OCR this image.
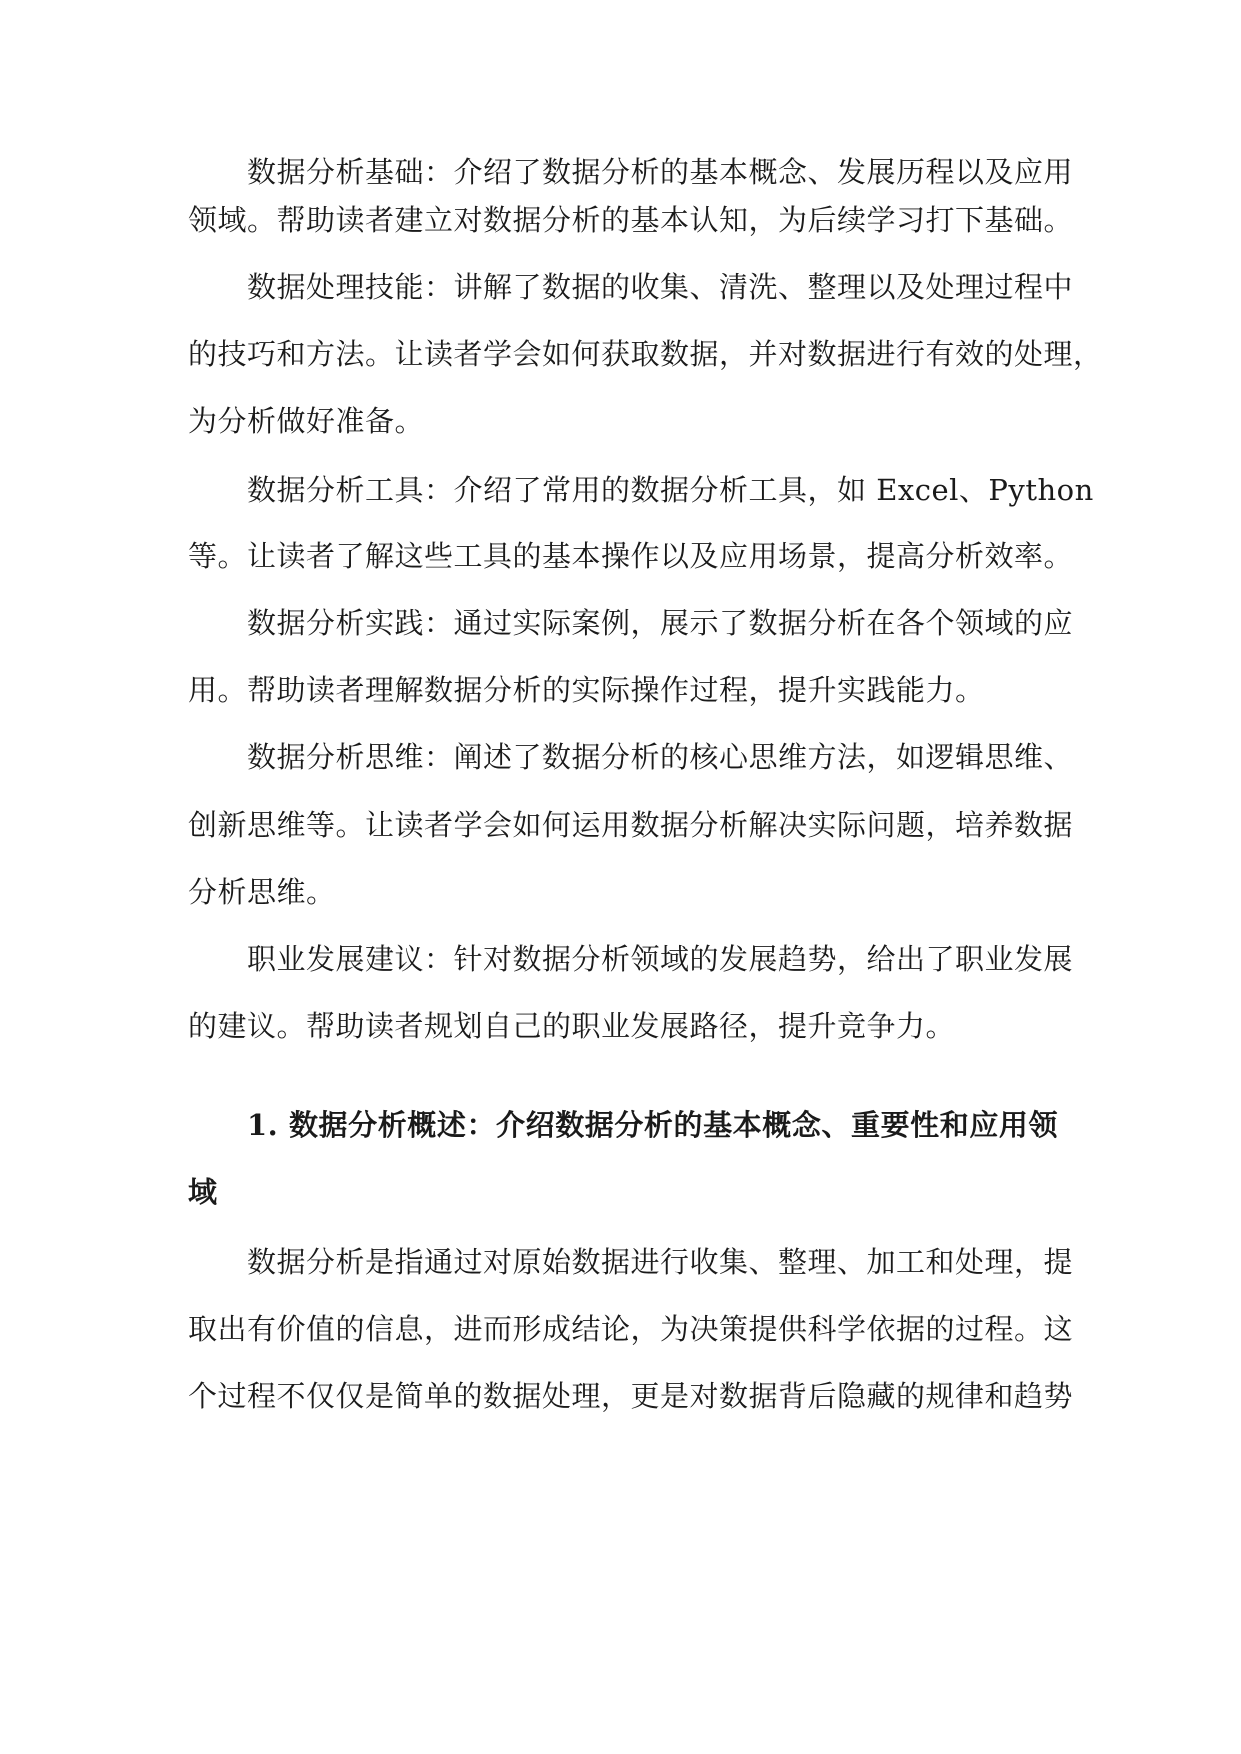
数据分析基础：介绍了数据分析的基本概念、发展历程以及应用
领域。帮助读者建立对数据分析的基本认知，为后续学习打下基础。
数据处理技能：讲解了数据的收集、清洗、整理以及处理过程中
的技巧和方法。让读者学会如何获取数据，并对数据进行有效的处理，
为分析做好准备。
数据分析工具：介绍了常用的数据分析工具，如 Excel、Python
等。让读者了解这些工具的基本操作以及应用场景，提高分析效率。
数据分析实践：通过实际案例，展示了数据分析在各个领域的应
用。帮助读者理解数据分析的实际操作过程，提升实践能力。
数据分析思维：阐述了数据分析的核心思维方法，如逻辑思维、
创新思维等。让读者学会如何运用数据分析解决实际问题，培养数据
分析思维。
职业发展建议：针对数据分析领域的发展趋势，给出了职业发展
的建议。帮助读者规划自己的职业发展路径，提升竞争力。
1. 数据分析概述：介绍数据分析的基本概念、重要性和应用领
域
数据分析是指通过对原始数据进行收集、整理、加工和处理，提
取出有价值的信息，进而形成结论，为决策提供科学依据的过程。这
个过程不仅仅是简单的数据处理，更是对数据背后隐藏的规律和趋势
